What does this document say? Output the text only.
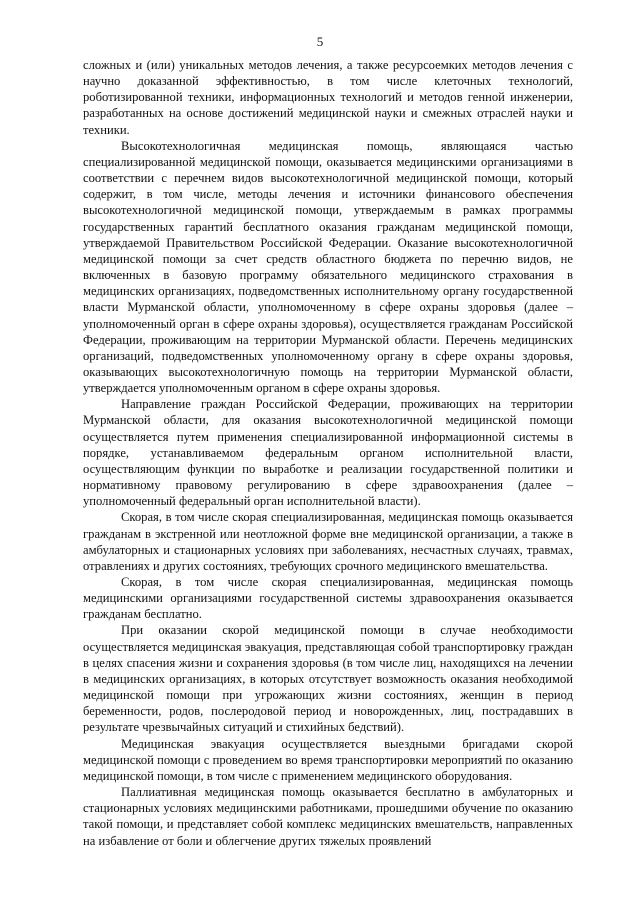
5

сложных и (или) уникальных методов лечения, а также ресурсоемких методов лечения с научно доказанной эффективностью, в том числе клеточных технологий, роботизированной техники, информационных технологий и методов генной инженерии, разработанных на основе достижений медицинской науки и смежных отраслей науки и техники.

Высокотехнологичная медицинская помощь, являющаяся частью специализированной медицинской помощи, оказывается медицинскими организациями в соответствии с перечнем видов высокотехнологичной медицинской помощи, который содержит, в том числе, методы лечения и источники финансового обеспечения высокотехнологичной медицинской помощи, утверждаемым в рамках программы государственных гарантий бесплатного оказания гражданам медицинской помощи, утверждаемой Правительством Российской Федерации. Оказание высокотехнологичной медицинской помощи за счет средств областного бюджета по перечню видов, не включенных в базовую программу обязательного медицинского страхования в медицинских организациях, подведомственных исполнительному органу государственной власти Мурманской области, уполномоченному в сфере охраны здоровья (далее – уполномоченный орган в сфере охраны здоровья), осуществляется гражданам Российской Федерации, проживающим на территории Мурманской области. Перечень медицинских организаций, подведомственных уполномоченному органу в сфере охраны здоровья, оказывающих высокотехнологичную помощь на территории Мурманской области, утверждается уполномоченным органом в сфере охраны здоровья.

Направление граждан Российской Федерации, проживающих на территории Мурманской области, для оказания высокотехнологичной медицинской помощи осуществляется путем применения специализированной информационной системы в порядке, устанавливаемом федеральным органом исполнительной власти, осуществляющим функции по выработке и реализации государственной политики и нормативному правовому регулированию в сфере здравоохранения (далее – уполномоченный федеральный орган исполнительной власти).

Скорая, в том числе скорая специализированная, медицинская помощь оказывается гражданам в экстренной или неотложной форме вне медицинской организации, а также в амбулаторных и стационарных условиях при заболеваниях, несчастных случаях, травмах, отравлениях и других состояниях, требующих срочного медицинского вмешательства.

Скорая, в том числе скорая специализированная, медицинская помощь медицинскими организациями государственной системы здравоохранения оказывается гражданам бесплатно.

При оказании скорой медицинской помощи в случае необходимости осуществляется медицинская эвакуация, представляющая собой транспортировку граждан в целях спасения жизни и сохранения здоровья (в том числе лиц, находящихся на лечении в медицинских организациях, в которых отсутствует возможность оказания необходимой медицинской помощи при угрожающих жизни состояниях, женщин в период беременности, родов, послеродовой период и новорожденных, лиц, пострадавших в результате чрезвычайных ситуаций и стихийных бедствий).

Медицинская эвакуация осуществляется выездными бригадами скорой медицинской помощи с проведением во время транспортировки мероприятий по оказанию медицинской помощи, в том числе с применением медицинского оборудования.

Паллиативная медицинская помощь оказывается бесплатно в амбулаторных и стационарных условиях медицинскими работниками, прошедшими обучение по оказанию такой помощи, и представляет собой комплекс медицинских вмешательств, направленных на избавление от боли и облегчение других тяжелых проявлений
